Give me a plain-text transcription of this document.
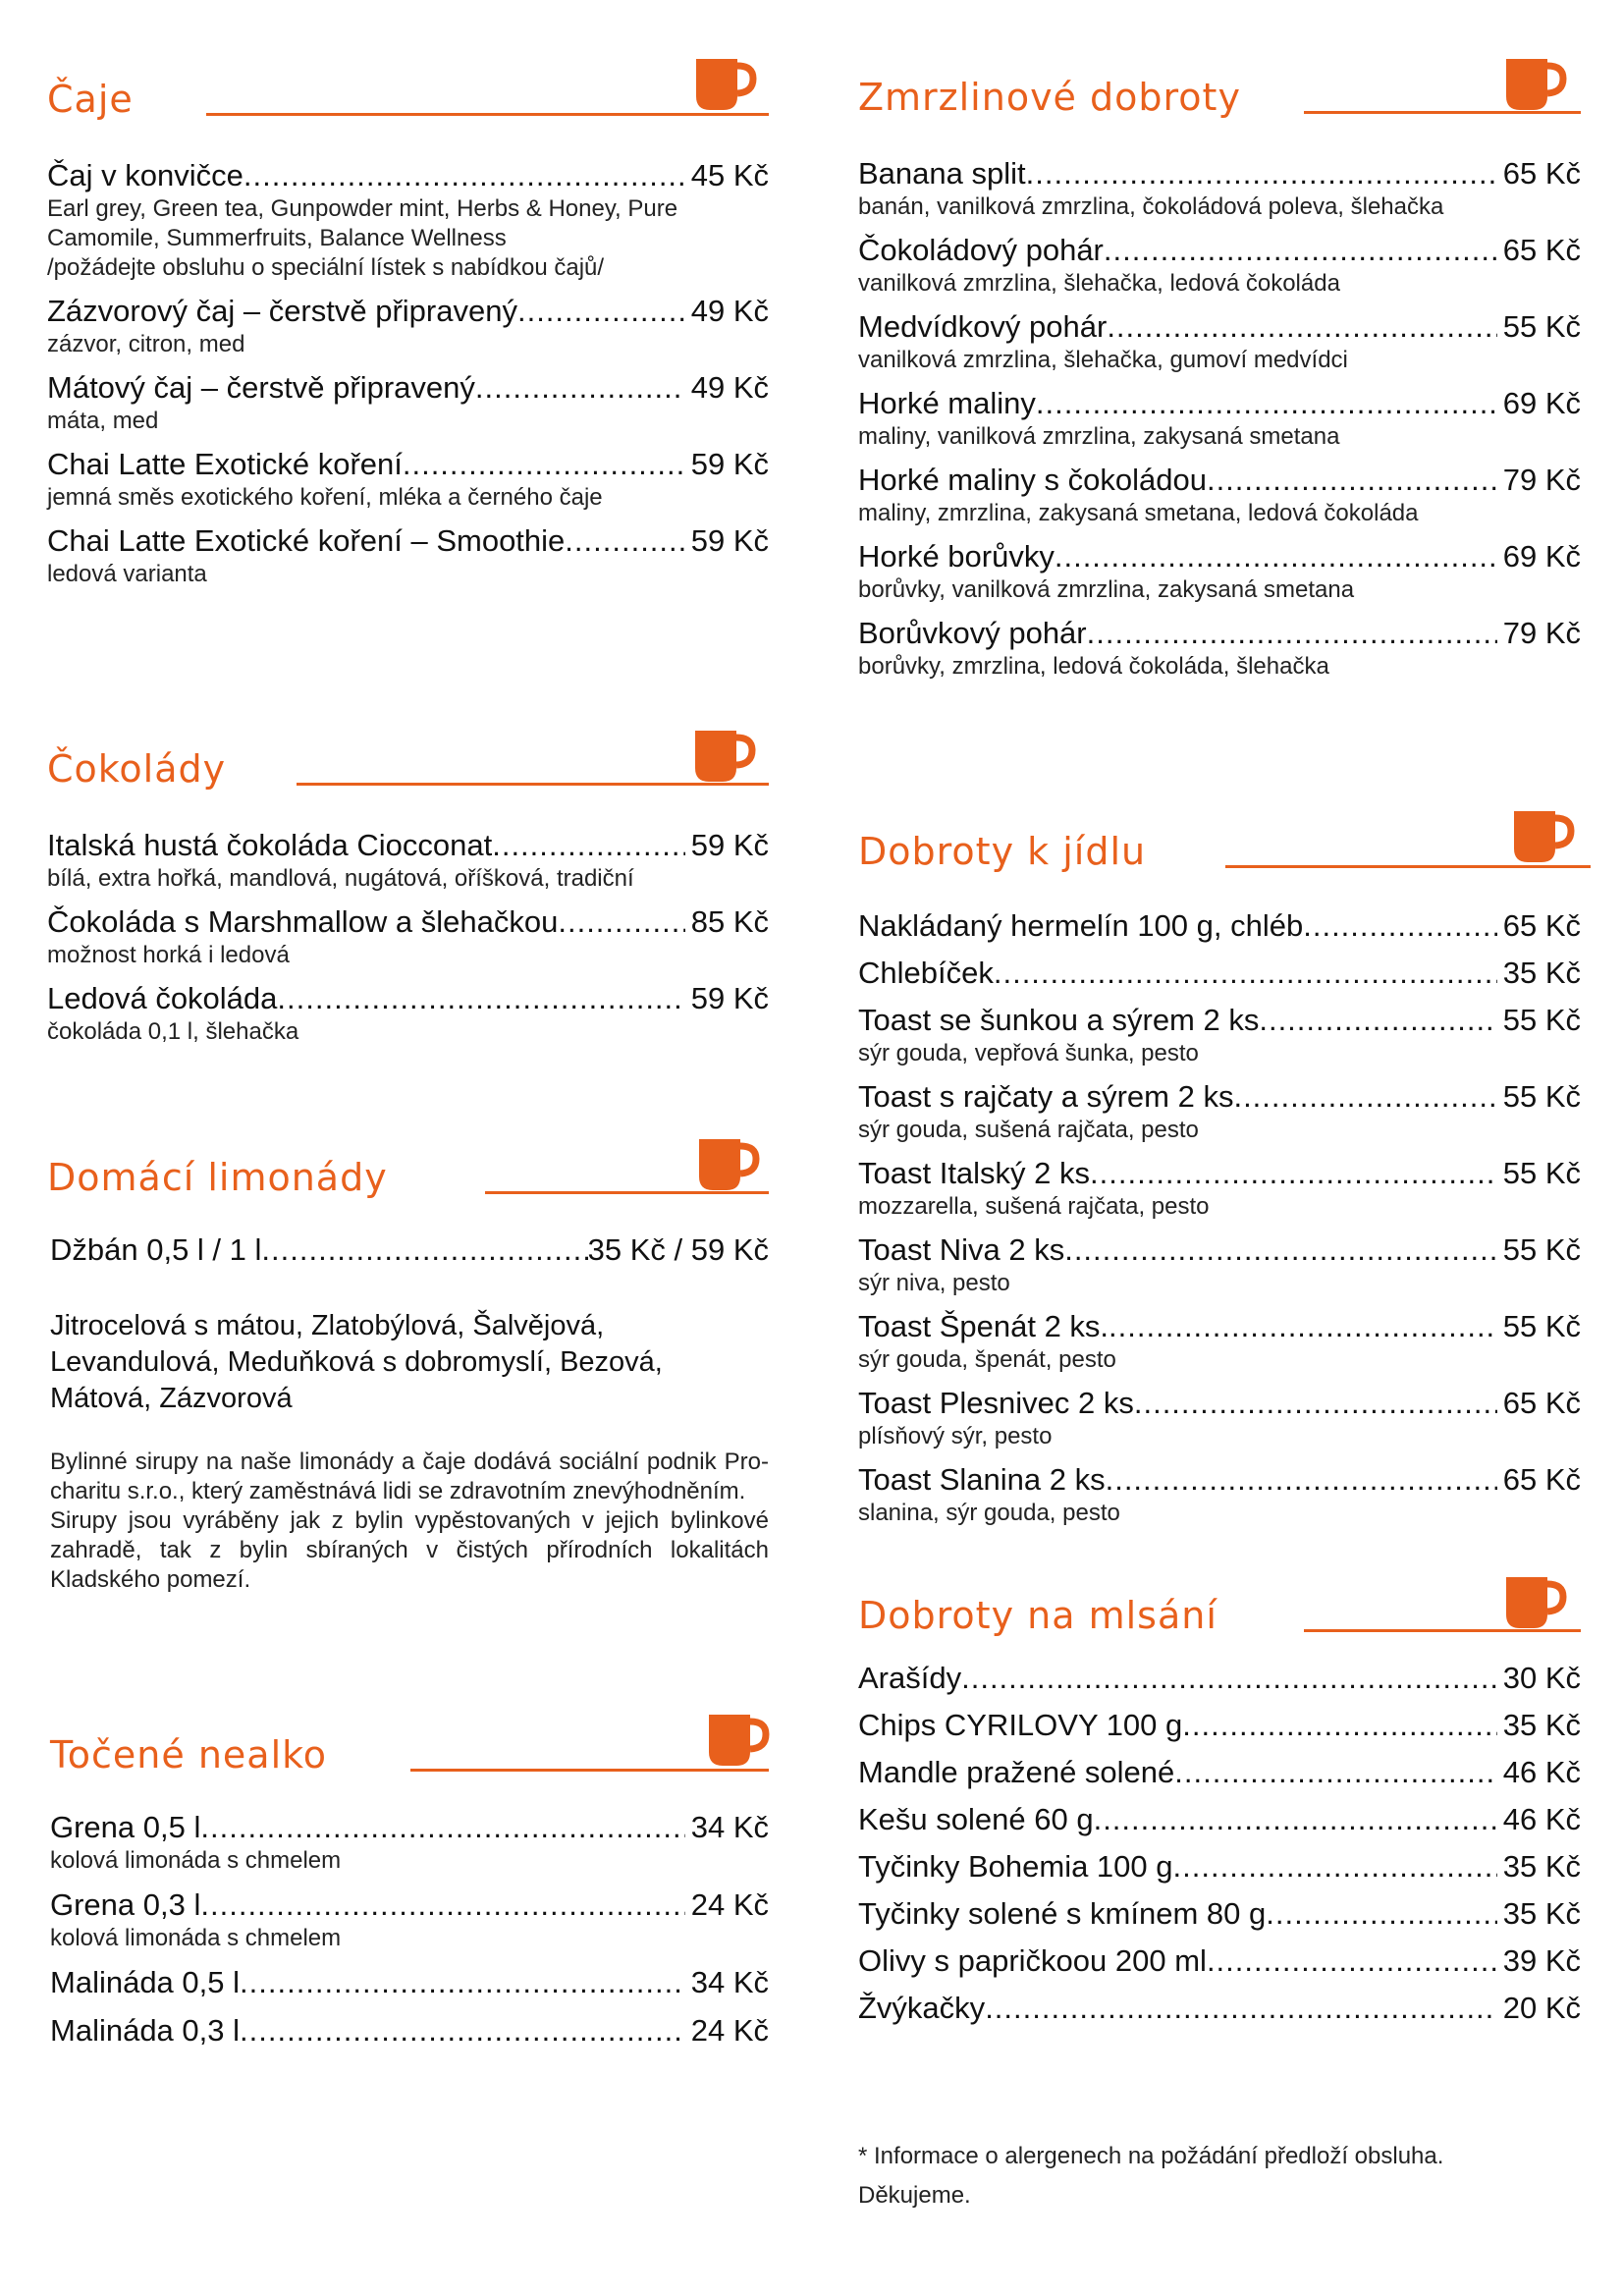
Čaje
Čaj v konvičce .....	45 Kč
Earl grey, Green tea, Gunpowder mint, Herbs & Honey, Pure
Camomile, Summerfruits, Balance Wellness
/požádejte obsluhu o speciální lístek s nabídkou čajů/
Zázvorový čaj – čerstvě připravený .....	49 Kč
zázvor, citron, med
Mátový čaj – čerstvě připravený .....	49 Kč
máta, med
Chai Latte Exotické koření .....	59 Kč
jemná směs exotického koření, mléka a černého čaje
Chai Latte Exotické koření – Smoothie .....	59 Kč
ledová varianta
Čokolády
Italská hustá čokoláda Ciocconat .....	59 Kč
bílá, extra hořká, mandlová, nugátová, oříšková, tradiční
Čokoláda s Marshmallow a šlehačkou .....	85 Kč
možnost horká i ledová
Ledová čokoláda .....	59 Kč
čokoláda 0,1 l, šlehačka
Domácí limonády
Džbán 0,5 l / 1 l .....	35 Kč / 59 Kč
Jitrocelová s mátou, Zlatobýlová, Šalvějová,
Levandulová, Meduňková s dobromyslí, Bezová,
Mátová, Zázvorová
Bylinné sirupy na naše limonády a čaje dodává sociální podnik Pro-charitu s.r.o., který zaměstnává lidi se zdravotním znevýhodněním.
Sirupy jsou vyráběny jak z bylin vypěstovaných v jejich bylinkové zahradě, tak z bylin sbíraných v čistých přírodních lokalitách Kladského pomezí.
Točené nealko
Grena 0,5 l .....	34 Kč
kolová limonáda s chmelem
Grena 0,3 l .....	24 Kč
kolová limonáda s chmelem
Malináda 0,5 l .....	34 Kč
Malináda 0,3 l .....	24 Kč
Zmrzlinové dobroty
Banana split .....	65 Kč
banán, vanilková zmrzlina, čokoládová poleva, šlehačka
Čokoládový pohár .....	65 Kč
vanilková zmrzlina, šlehačka, ledová čokoláda
Medvídkový pohár .....	55 Kč
vanilková zmrzlina, šlehačka, gumoví medvídci
Horké maliny .....	69 Kč
maliny, vanilková zmrzlina, zakysaná smetana
Horké maliny s čokoládou .....	79 Kč
maliny, zmrzlina, zakysaná smetana, ledová čokoláda
Horké borůvky .....	69 Kč
borůvky, vanilková zmrzlina, zakysaná smetana
Borůvkový pohár .....	79 Kč
borůvky, zmrzlina, ledová čokoláda, šlehačka
Dobroty k jídlu
Nakládaný hermelín 100 g, chléb .....	65 Kč
Chlebíček .....	35 Kč
Toast se šunkou a sýrem 2 ks .....	55 Kč
sýr gouda, vepřová šunka, pesto
Toast s rajčaty a sýrem 2 ks .....	55 Kč
sýr gouda, sušená rajčata, pesto
Toast Italský 2 ks .....	55 Kč
mozzarella, sušená rajčata, pesto
Toast Niva 2 ks .....	55 Kč
sýr niva, pesto
Toast Špenát 2 ks. .....	55 Kč
sýr gouda, špenát, pesto
Toast Plesnivec 2 ks .....	65 Kč
plísňový sýr, pesto
Toast Slanina 2 ks .....	65 Kč
slanina, sýr gouda, pesto
Dobroty na mlsání
Arašídy .....	30 Kč
Chips CYRILOVY 100 g .....	35 Kč
Mandle pražené solené .....	46 Kč
Kešu solené 60 g .....	46 Kč
Tyčinky Bohemia 100 g .....	35 Kč
Tyčinky solené s kmínem 80 g .....	35 Kč
Olivy s papričkoou 200 ml .....	39 Kč
Žvýkačky .....	20 Kč
* Informace o alergenech na požádání předloží obsluha.
Děkujeme.
